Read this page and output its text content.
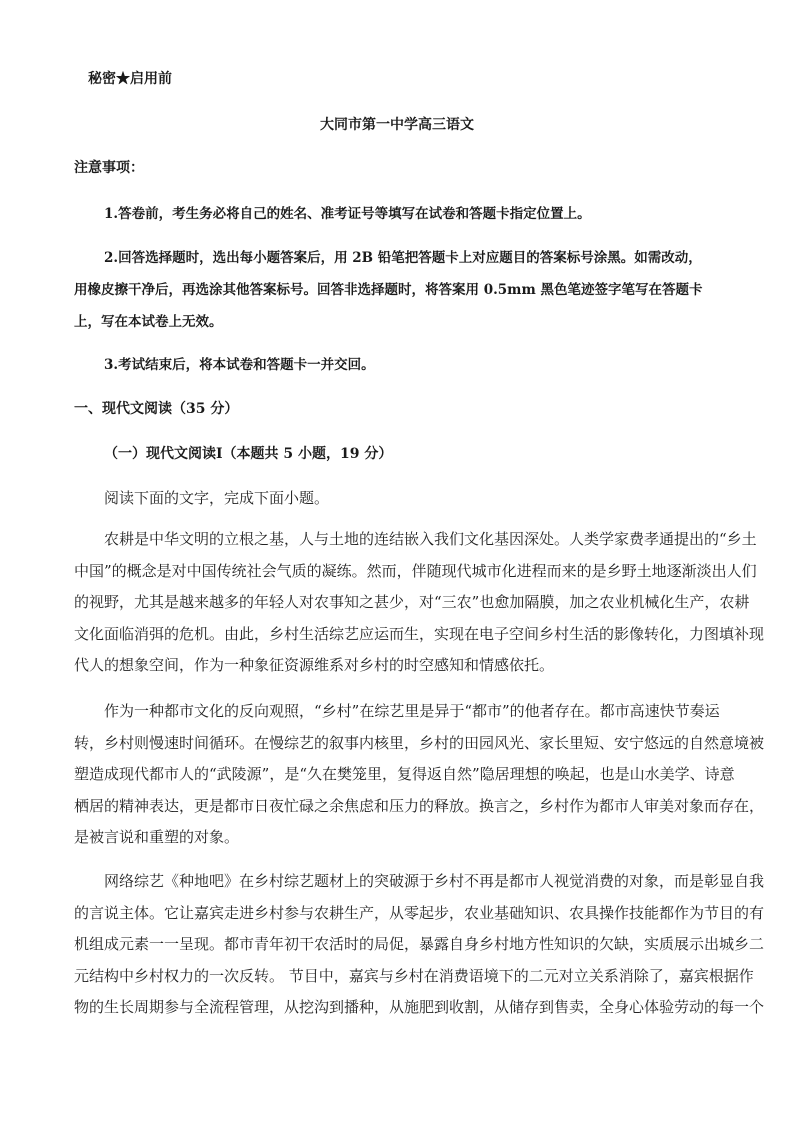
秘密★启用前
大同市第一中学高三语文
注意事项：
1.答卷前，考生务必将自己的姓名、准考证号等填写在试卷和答题卡指定位置上。
2.回答选择题时，选出每小题答案后，用 2B 铅笔把答题卡上对应题目的答案标号涂黑。如需改动，
用橡皮擦干净后，再选涂其他答案标号。回答非选择题时，将答案用 0.5mm 黑色笔迹签字笔写在答题卡
上，写在本试卷上无效。
3.考试结束后，将本试卷和答题卡一并交回。
一、现代文阅读（35 分）
（一）现代文阅读Ⅰ（本题共 5 小题，19 分）
阅读下面的文字，完成下面小题。
农耕是中华文明的立根之基，人与土地的连结嵌入我们文化基因深处。人类学家费孝通提出的“乡土
中国”的概念是对中国传统社会气质的凝练。然而，伴随现代城市化进程而来的是乡野土地逐渐淡出人们
的视野，尤其是越来越多的年轻人对农事知之甚少，对“三农”也愈加隔膜，加之农业机械化生产，农耕
文化面临消弭的危机。由此，乡村生活综艺应运而生，实现在电子空间乡村生活的影像转化，力图填补现
代人的想象空间，作为一种象征资源维系对乡村的时空感知和情感依托。
作为一种都市文化的反向观照，“乡村”在综艺里是异于“都市”的他者存在。都市高速快节奏运
转，乡村则慢速时间循环。在慢综艺的叙事内核里，乡村的田园风光、家长里短、安宁悠远的自然意境被
塑造成现代都市人的“武陵源”，是“久在樊笼里，复得返自然”隐居理想的唤起，也是山水美学、诗意
栖居的精神表达，更是都市日夜忙碌之余焦虑和压力的释放。换言之，乡村作为都市人审美对象而存在，
是被言说和重塑的对象。
网络综艺《种地吧》在乡村综艺题材上的突破源于乡村不再是都市人视觉消费的对象，而是彰显自我
的言说主体。它让嘉宾走进乡村参与农耕生产，从零起步，农业基础知识、农具操作技能都作为节目的有
机组成元素一一呈现。都市青年初干农活时的局促，暴露自身乡村地方性知识的欠缺，实质展示出城乡二
元结构中乡村权力的一次反转。 节目中，嘉宾与乡村在消费语境下的二元对立关系消除了，嘉宾根据作
物的生长周期参与全流程管理，从挖沟到播种，从施肥到收割，从储存到售卖，全身心体验劳动的每一个
